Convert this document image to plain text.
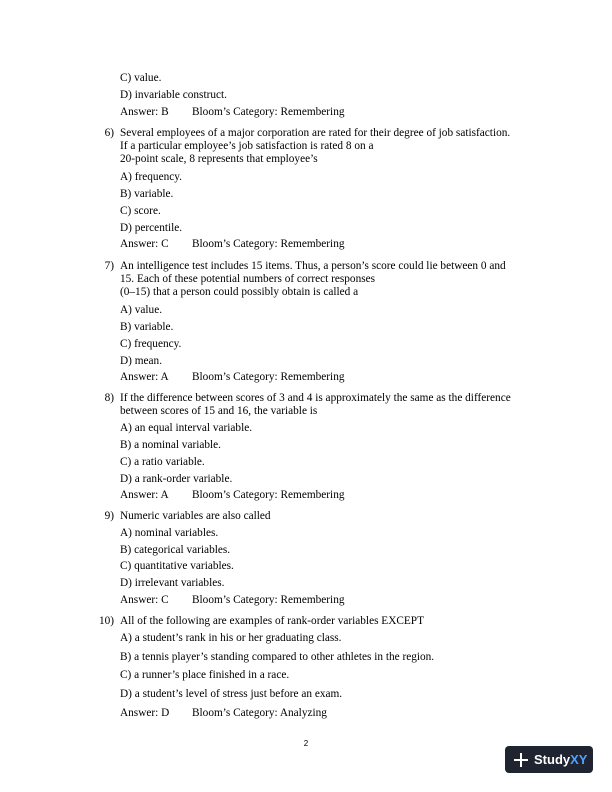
C) value.
D) invariable construct.
Answer: B Bloom’s Category: Remembering
6) Several employees of a major corporation are rated for their degree of job satisfaction.
If a particular employee’s job satisfaction is rated 8 on a
20-point scale, 8 represents that employee’s
A) frequency.
B) variable.
C) score.
D) percentile.
Answer: C Bloom’s Category: Remembering
7) An intelligence test includes 15 items. Thus, a person’s score could lie between 0 and
15. Each of these potential numbers of correct responses
(0–15) that a person could possibly obtain is called a
A) value.
B) variable.
C) frequency.
D) mean.
Answer: A Bloom’s Category: Remembering
8) If the difference between scores of 3 and 4 is approximately the same as the difference
between scores of 15 and 16, the variable is
A) an equal interval variable.
B) a nominal variable.
C) a ratio variable.
D) a rank-order variable.
Answer: A Bloom’s Category: Remembering
9) Numeric variables are also called
A) nominal variables.
B) categorical variables.
C) quantitative variables.
D) irrelevant variables.
Answer: C Bloom’s Category: Remembering
10) All of the following are examples of rank-order variables EXCEPT
A) a student’s rank in his or her graduating class.
B) a tennis player’s standing compared to other athletes in the region.
C) a runner’s place finished in a race.
D) a student’s level of stress just before an exam.
Answer: D Bloom’s Category: Analyzing
2
Study XY
